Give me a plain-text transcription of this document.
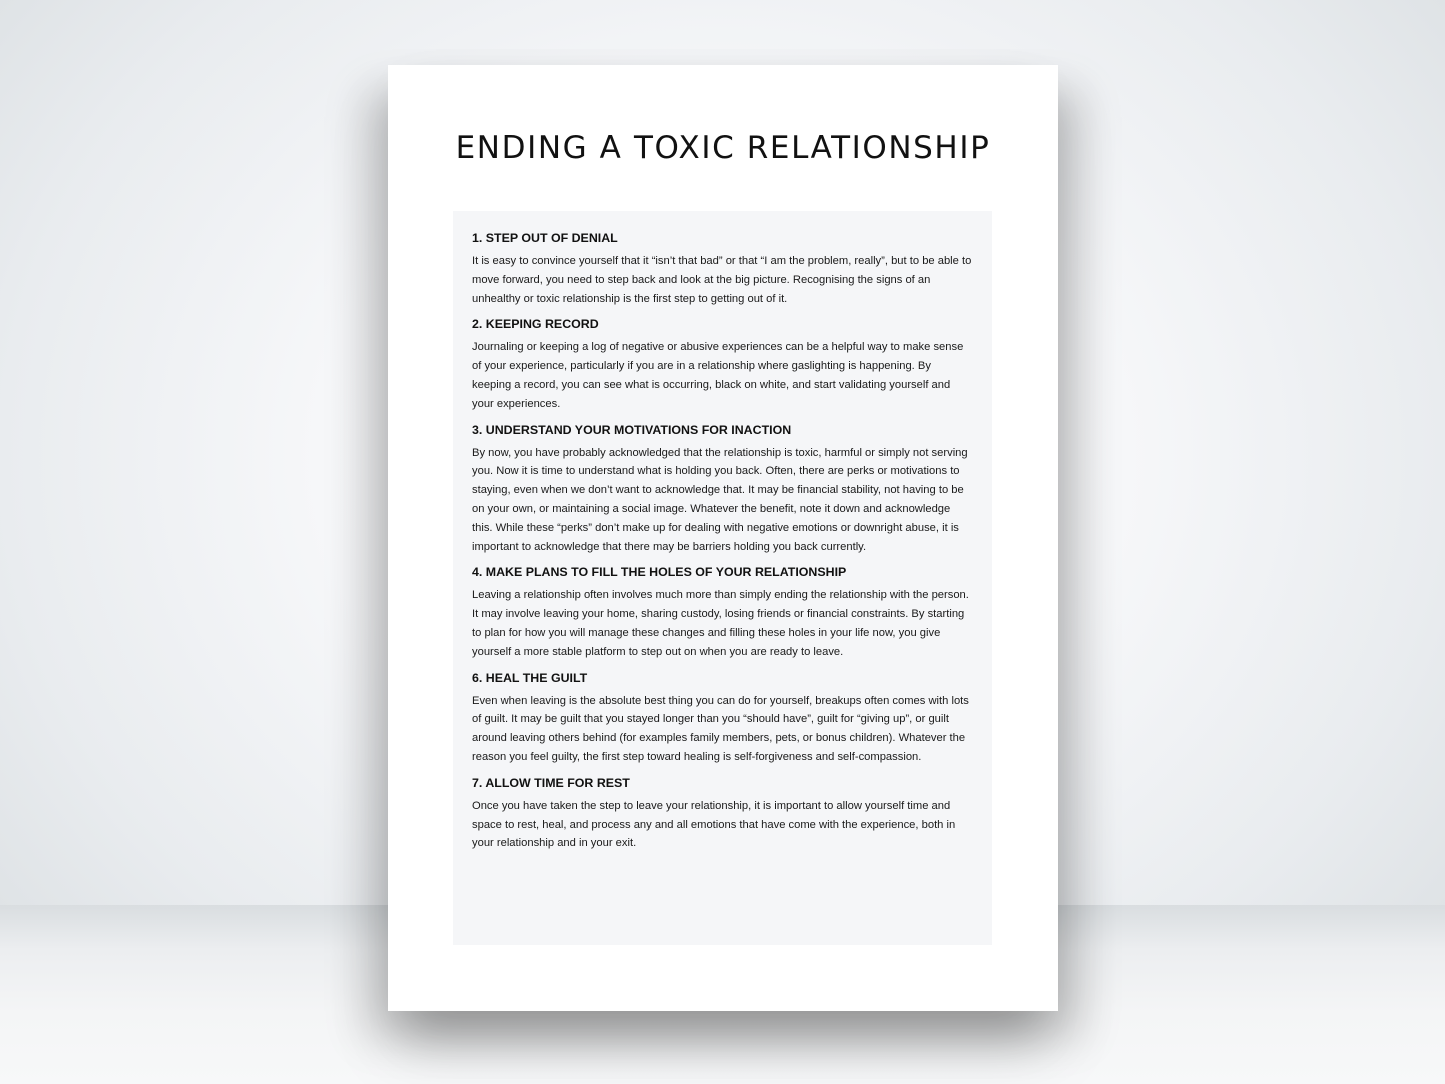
ENDING A TOXIC RELATIONSHIP
1. STEP OUT OF DENIAL

It is easy to convince yourself that it “isn’t that bad” or that “I am the problem, really”, but to be able to move forward, you need to step back and look at the big picture. Recognising the signs of an unhealthy or toxic relationship is the first step to getting out of it.

2. KEEPING RECORD

Journaling or keeping a log of negative or abusive experiences can be a helpful way to make sense of your experience, particularly if you are in a relationship where gaslighting is happening. By keeping a record, you can see what is occurring, black on white, and start validating yourself and your experiences.

3. UNDERSTAND YOUR MOTIVATIONS FOR INACTION

By now, you have probably acknowledged that the relationship is toxic, harmful or simply not serving you. Now it is time to understand what is holding you back. Often, there are perks or motivations to staying, even when we don’t want to acknowledge that. It may be financial stability, not having to be on your own, or maintaining a social image. Whatever the benefit, note it down and acknowledge this. While these “perks” don’t make up for dealing with negative emotions or downright abuse, it is important to acknowledge that there may be barriers holding you back currently.

4. MAKE PLANS TO FILL THE HOLES OF YOUR RELATIONSHIP

Leaving a relationship often involves much more than simply ending the relationship with the person. It may involve leaving your home, sharing custody, losing friends or financial constraints. By starting to plan for how you will manage these changes and filling these holes in your life now, you give yourself a more stable platform to step out on when you are ready to leave.

6. HEAL THE GUILT

Even when leaving is the absolute best thing you can do for yourself, breakups often comes with lots of guilt. It may be guilt that you stayed longer than you “should have”, guilt for “giving up”, or guilt around leaving others behind (for examples family members, pets, or bonus children). Whatever the reason you feel guilty, the first step toward healing is self-forgiveness and self-compassion.

7. ALLOW TIME FOR REST

Once you have taken the step to leave your relationship, it is important to allow yourself time and space to rest, heal, and process any and all emotions that have come with the experience, both in your relationship and in your exit.
